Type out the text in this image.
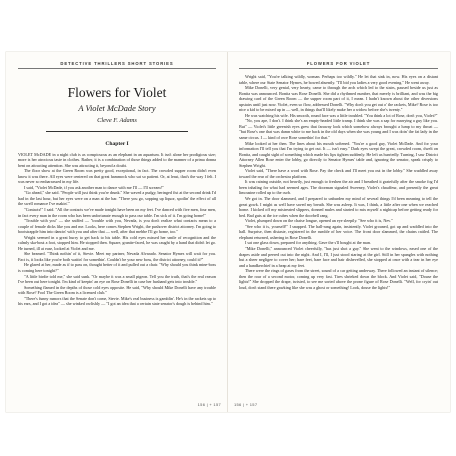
DETECTIVE THRILLERS SHORT STORIES
Flowers for Violet
A Violet McDade Story
Cleve F. Adams
Chapter I

VIOLET McDADE in a night club is as conspicuous as an elephant in an aquarium. It isn't alone her prodigious size; more is her atrocious taste in clothes. Rather, it is a combination of those things added to the manner of a prima donna bent on attracting attention. She was attracting it, beyond a doubt.

The floor show at the Green Room was pretty good, exceptional, in fact. The crowded supper room didn't even know it was there. All eyes were centered on that great hammock who sat so patient. Or, at least, that's the way I felt. I was never so embarrassed in my life.

I said, "Violet McDade, if you ask another man to dance with me I'll — I'll scream!"

"Go ahead," she said. "People will just think you're drunk." She waved a pudgy, beringed fist at the second drink I'd had in the last hour, but her eyes were on a man at the bar. "There you go, sopping up liquor, spoilin' the effect of all the swell romance I've makin'."

"Contacts!" I said. "All the contacts we've made tonight have been on my feet. I've danced with five men, four men, in fact every man in the room who has been unfortunate enough to pass our table. I'm sick of it. I'm going home!"

"Trouble with you" — she sniffed — "trouble with you, Nevada, is you don't realize what contacts mean to a couple of female dicks like you and me. Looks, here comes Stephen Wright, the pushover district attorney. I'm going to bootstrapple him into dancin' with you and after that — well, after that mebbe I'll go home, too."

Wright seemed in a great hurry to get back to his table. His cold eyes missed her smile of recognition and the calmly ska-bout a foot, stopped him. He stopped then. Square, granite-faced, he was caught by a hand that didn't let go. He turned, ill at ease, looked at Violet and me.

She beamed. "Think nothin' of it, Stevie. Meet my partner, Nevada Alvarado. Senator Hymes will wait for you. Fact is, it looks like you're both waitin' for somethin'. Couldn't be your new boss, the district attorney, could it?"

He glared at her, made as if to pass on, thought better of it and pulled out a chair. "Why should you think mine-boss is coming here tonight?"

"A little birdie told me," she said sunk. "Or maybe it was a small pigeon. Tell you the truth, that's the real reason I've been out here tonight. I'm kind of keepin' an eye on Rose Donelli in case her husband gets into trouble."

Something flamed in the depths of those cold eyes opposite. He said, "Why should Mike Donelli have any trouble with Rose? Fool The Green Room is a licensed club."

"There's funny rumors that the Senate don't come, Stevie. Mike's real business is gamblin'. He's in the rackets up to his ears, and I got a idea" — she winked owlishly — "I got an idea that a certain state senator's dough is behind him."

156 | + 157
FLOWERS FOR VIOLET

Wright said, "You're talking wildly, woman. Perhaps too wildly." He let that sink in, now. His eyes on a distant table, where our State Senator Hymes, he bowed absently. "I'll bid you ladies a very good evening." He went away.

Mike Donelli, very genial, very hearty, came to through the arch which led to the stairs, paused beside us just as Bonita was announced. Bonita was Rose Donelli. She did a rhythmed number, that merely is brilliant, and was the big drawing card of the Green Room — the supper room part of it, I mean. I hadn't known about the other diversions upstairs until just now. Violet, even so flow, addressed Donelli. "Why don't you get out o' the rackets, Mike? Rose is too nice a kid to be mixed up in — well, in things that'll likely make her a widow before she's twenty."

He was watching his wife. His smooth, round face was a little troubled. "You think a lot of Rose, don't you, Violet?"

"No, you ape, I don't. I think she's an empty-headed little tramp. I think she was a sap for marrying a guy like you. But" — Violet's little greenish eyes grew that faraway look which somehow always brought a lump to my throat — "but Rose's one that was damn white to me back in the old days when she was young and I was doin' the fat lady in the same circus. I — kind of owe Rose somethin' for that."

Mike looked at her then. The lines about his mouth softened. "You're a good guy, Violet McDade. And for your information I'll tell you that I'm trying to get out. It — isn't easy." Dark eyes swept the great, crowded room, dwelt on Bonita, and caught sight of something which made his lips tighten suddenly. He left us hurriedly. Turning, I saw District Attorney Allen Rose enter the lobby, go directly to Senator Hymes' table and, ignoring the senator, speak crisply to Stephen Wright.

Violet said, "There have a word with Rose. Pay the check and I'll meet you out in the lobby." She waddled away toward the rear of the orchestra platform.

It was raining outside, not heavily, just enough to freshen the air and I breathed it gratefully after the smoke fog I'd been inhaling for what had seemed ages. The doorman signaled Sweeney, Violet's chauffeur, and presently the great limousine rolled up to the curb.

We got in. The door slammed, and I prepared to unburden my mind of several things I'd been meaning to tell the great gowk. I might as well have saved my breath. She was asleep. It was, I think, a little after one when we reached home. I kicked off my mistreated slippers, donned mules and started to mix myself a nightcap before getting ready for bed. Bad guts at the ice cubes when the doorbell rang.

Violet, plumped down on the chaise longue, opened an eye sleepily. "See who it is, Nev."

"See who it is, yourself!" I snapped. The hall-rang again, insistently. Violet groaned, got up and waddled into the hall. Surprise, then distaste, registered in the rumble of her voice. The front door slammed, the chains rattled. The elephant returned, ushering in Rose Donelli.

I sat one glass down, prepared for anything. Gave the s'll bought at the man.

"Mike Donelli," announced Violet cheerfully, "has just shot a guy." She went to the windows, eased one of the drapes aside and peered out into the night. And I, I'll, I just stood staring at the girl. Still in her spangles with nothing but a sheer negligee to cover her; bare feet, bare face and hair dishevelled, she stopped at once with a tear in her eye and a handkerchief in a heap at my feet.

There were the rings of gases from the street, sound of a car getting underway. There followed an instant of silence; then the roar of a second motor, coming up very fast. Tires shrieked down the block. And Violet said, "Douse the lights!" She dropped the drape, twisted, to see me sorted above the prone figure of Rose Donelli. "Well, for cryin' out loud, don't stand there gawking like she was a ghost or something! Look, douse the lights!"

156 | + 157
